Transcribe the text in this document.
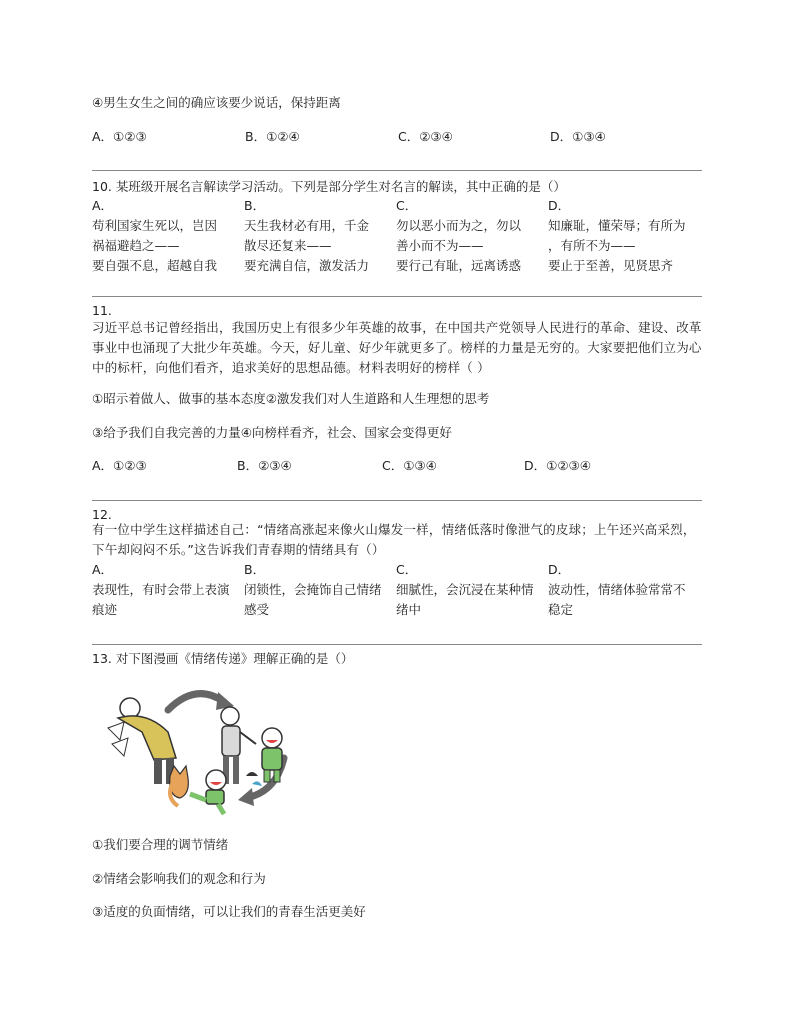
④男生女生之间的确应该要少说话，保持距离
A．①②③	B．①②④	C．②③④	D．①③④
10. 某班级开展名言解读学习活动。下列是部分学生对名言的解读，其中正确的是（）
A．	B．	C．	D．
苟利国家生死以，岂因	天生我材必有用，千金	勿以恶小而为之，勿以	知廉耻，懂荣辱；有所为
祸福避趋之——	散尽还复来——	善小而不为——	，有所不为——
要自强不息，超越自我	要充满自信，激发活力	要行己有耻，远离诱惑	要止于至善，见贤思齐
11.
习近平总书记曾经指出，我国历史上有很多少年英雄的故事，在中国共产党领导人民进行的革命、建设、改革事业中也涌现了大批少年英雄。今天，好儿童、好少年就更多了。榜样的力量是无穷的。大家要把他们立为心中的标杆，向他们看齐，追求美好的思想品德。材料表明好的榜样（ ）
①昭示着做人、做事的基本态度②激发我们对人生道路和人生理想的思考
③给予我们自我完善的力量④向榜样看齐，社会、国家会变得更好
A．①②③	B．②③④	C．①③④	D．①②③④
12.
有一位中学生这样描述自己：“情绪高涨起来像火山爆发一样，情绪低落时像泄气的皮球；上午还兴高采烈，下午却闷闷不乐。”这告诉我们青春期的情绪具有（）
A．	B．	C．	D．
表现性，有时会带上表演	闭锁性，会掩饰自己情绪	细腻性，会沉浸在某种情	波动性，情绪体验常常不
痕迹	感受	绪中	稳定
13. 对下图漫画《情绪传递》理解正确的是（）
①我们要合理的调节情绪
②情绪会影响我们的观念和行为
③适度的负面情绪，可以让我们的青春生活更美好
